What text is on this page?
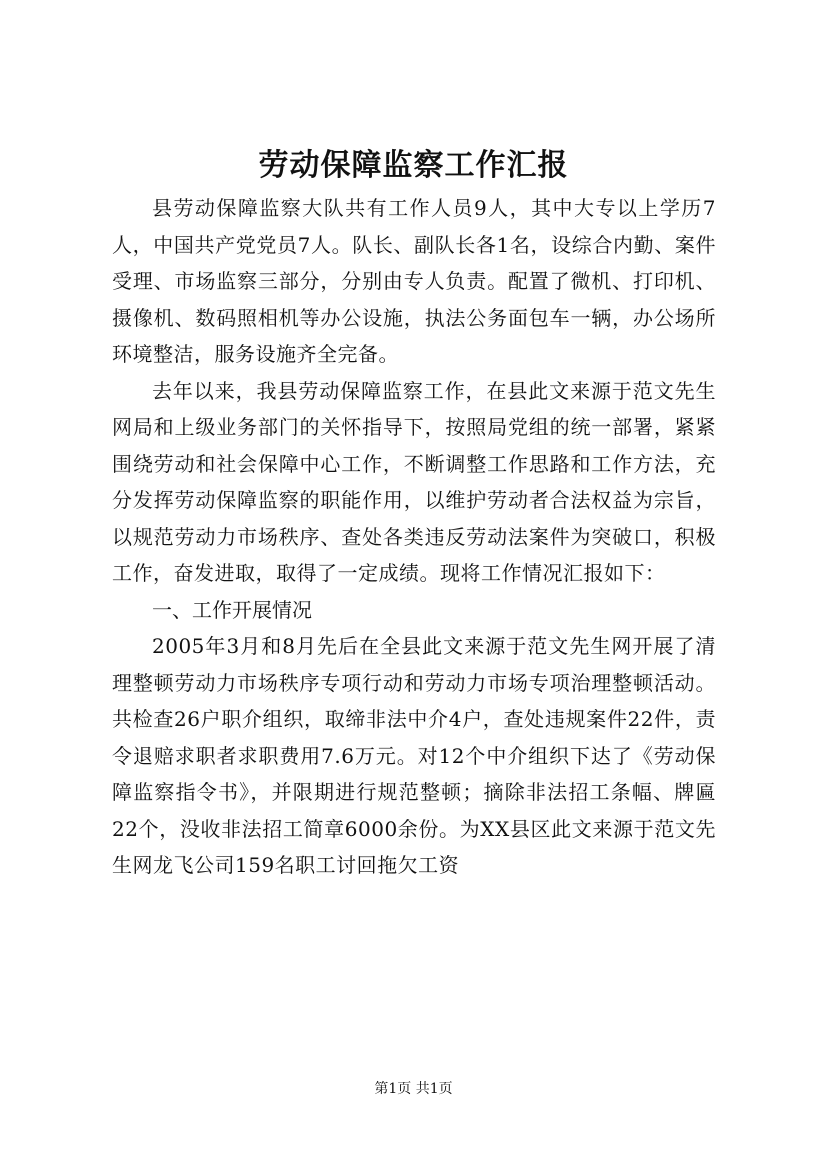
劳动保障监察工作汇报

县劳动保障监察大队共有工作人员9人，其中大专以上学历7人，中国共产党党员7人。队长、副队长各1名，设综合内勤、案件受理、市场监察三部分，分别由专人负责。配置了微机、打印机、摄像机、数码照相机等办公设施，执法公务面包车一辆，办公场所环境整洁，服务设施齐全完备。

去年以来，我县劳动保障监察工作，在县此文来源于范文先生网局和上级业务部门的关怀指导下，按照局党组的统一部署，紧紧围绕劳动和社会保障中心工作，不断调整工作思路和工作方法，充分发挥劳动保障监察的职能作用，以维护劳动者合法权益为宗旨，以规范劳动力市场秩序、查处各类违反劳动法案件为突破口，积极工作，奋发进取，取得了一定成绩。现将工作情况汇报如下：

一、工作开展情况

2005年3月和8月先后在全县此文来源于范文先生网开展了清理整顿劳动力市场秩序专项行动和劳动力市场专项治理整顿活动。共检查26户职介组织，取缔非法中介4户，查处违规案件22件，责令退赔求职者求职费用7.6万元。对12个中介组织下达了《劳动保障监察指令书》，并限期进行规范整顿；摘除非法招工条幅、牌匾22个，没收非法招工简章6000余份。为XX县区此文来源于范文先生网龙飞公司159名职工讨回拖欠工资

第1页 共1页
